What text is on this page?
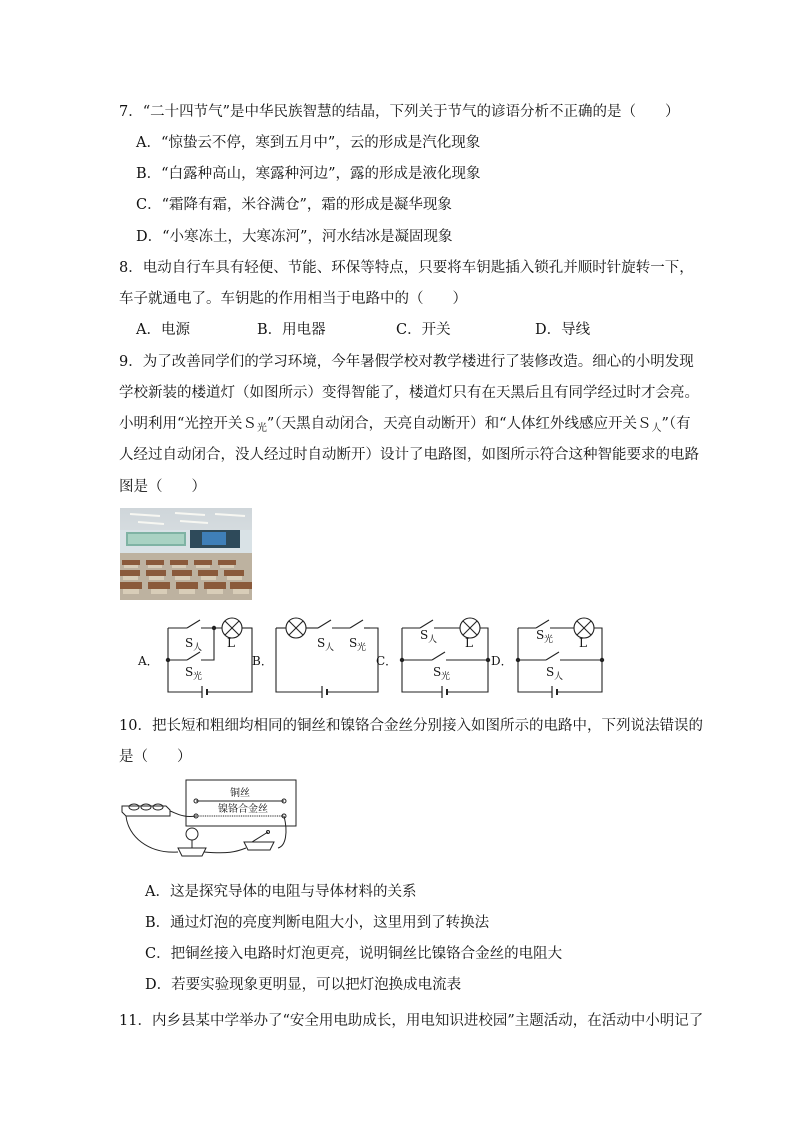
7．“二十四节气”是中华民族智慧的结晶，下列关于节气的谚语分析不正确的是（　　）
A．“惊蛰云不停，寒到五月中”，云的形成是汽化现象
B．“白露种高山，寒露种河边”，露的形成是液化现象
C．“霜降有霜，米谷满仓”，霜的形成是凝华现象
D．“小寒冻土，大寒冻河”，河水结冰是凝固现象
8．电动自行车具有轻便、节能、环保等特点，只要将车钥匙插入锁孔并顺时针旋转一下，
车子就通电了。车钥匙的作用相当于电路中的（　　）
A．电源	B．用电器	C．开关	D．导线
9．为了改善同学们的学习环境，今年暑假学校对教学楼进行了装修改造。细心的小明发现
学校新装的楼道灯（如图所示）变得智能了，楼道灯只有在天黑后且有同学经过时才会亮。
小明利用“光控开关Ｓ$_光$”（天黑自动闭合，天亮自动断开）和“人体红外线感应开关Ｓ$_人$”（有
人经过自动闭合，没人经过时自动断开）设计了电路图，如图所示符合这种智能要求的电路
图是（　　）
A．	B．	C．	D．
S 人 L
S 光
S 人 S 光
S 人 L
S 光
S 光 L
S 人
10．把长短和粗细均相同的铜丝和镍铬合金丝分别接入如图所示的电路中，下列说法错误的
是（　　）
铜丝
镍铬合金丝
A．这是探究导体的电阻与导体材料的关系
B．通过灯泡的亮度判断电阻大小，这里用到了转换法
C．把铜丝接入电路时灯泡更亮，说明铜丝比镍铬合金丝的电阻大
D．若要实验现象更明显，可以把灯泡换成电流表
11．内乡县某中学举办了“安全用电助成长，用电知识进校园”主题活动，在活动中小明记了
